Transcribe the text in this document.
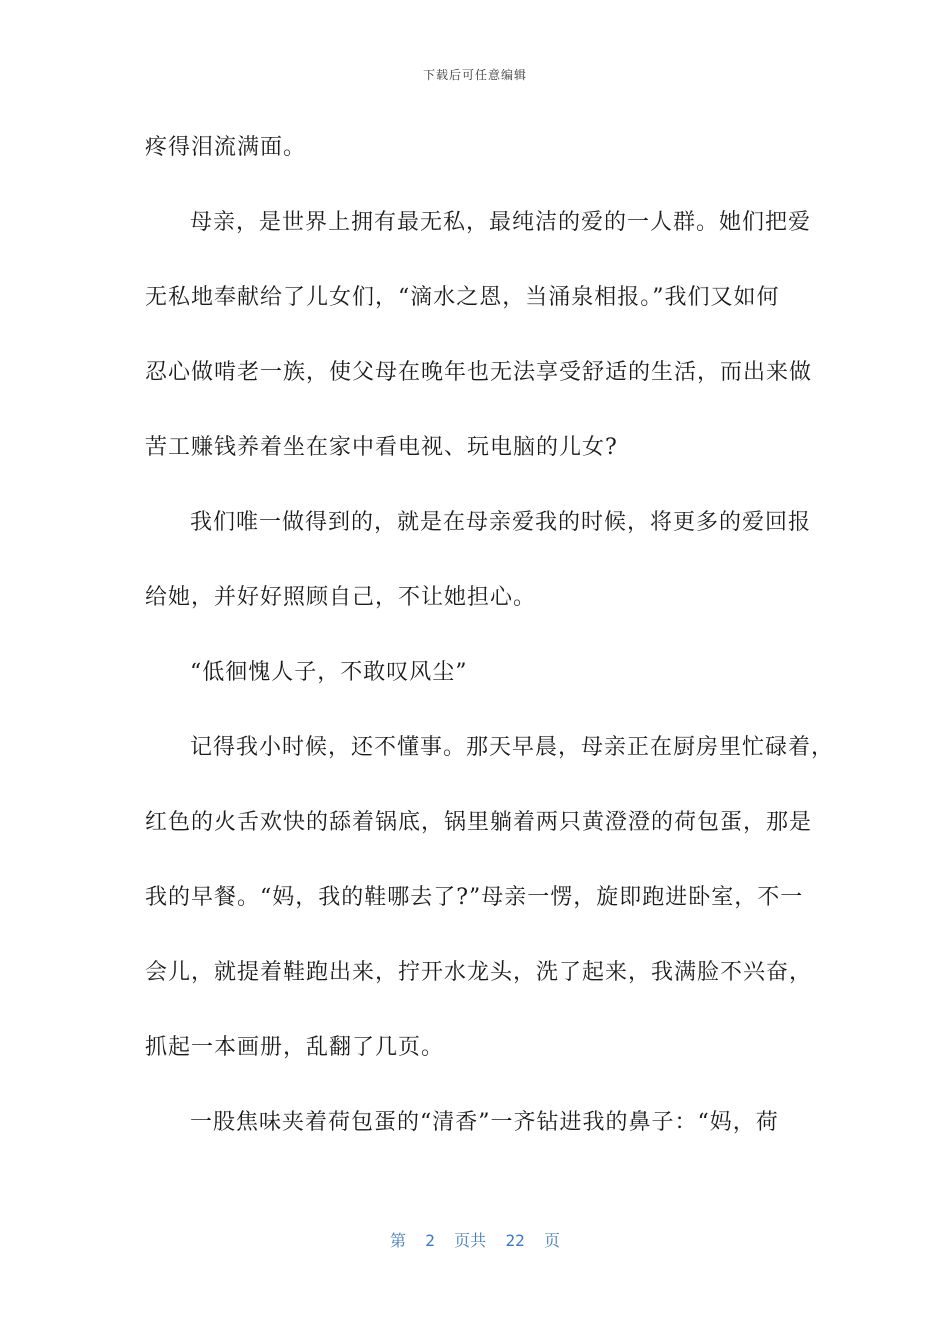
下载后可任意编辑
疼得泪流满面。
母亲，是世界上拥有最无私，最纯洁的爱的一人群。她们把爱
无私地奉献给了儿女们，“滴水之恩，当涌泉相报。”我们又如何
忍心做啃老一族，使父母在晚年也无法享受舒适的生活，而出来做
苦工赚钱养着坐在家中看电视、玩电脑的儿女?
我们唯一做得到的，就是在母亲爱我的时候，将更多的爱回报
给她，并好好照顾自己，不让她担心。
“低徊愧人子，不敢叹风尘”
记得我小时候，还不懂事。那天早晨，母亲正在厨房里忙碌着，
红色的火舌欢快的舔着锅底，锅里躺着两只黄澄澄的荷包蛋，那是
我的早餐。“妈，我的鞋哪去了?”母亲一愣，旋即跑进卧室，不一
会儿，就提着鞋跑出来，拧开水龙头，洗了起来，我满脸不兴奋，
抓起一本画册，乱翻了几页。
一股焦味夹着荷包蛋的“清香”一齐钻进我的鼻子：“妈，荷
第  2  页共  22  页
